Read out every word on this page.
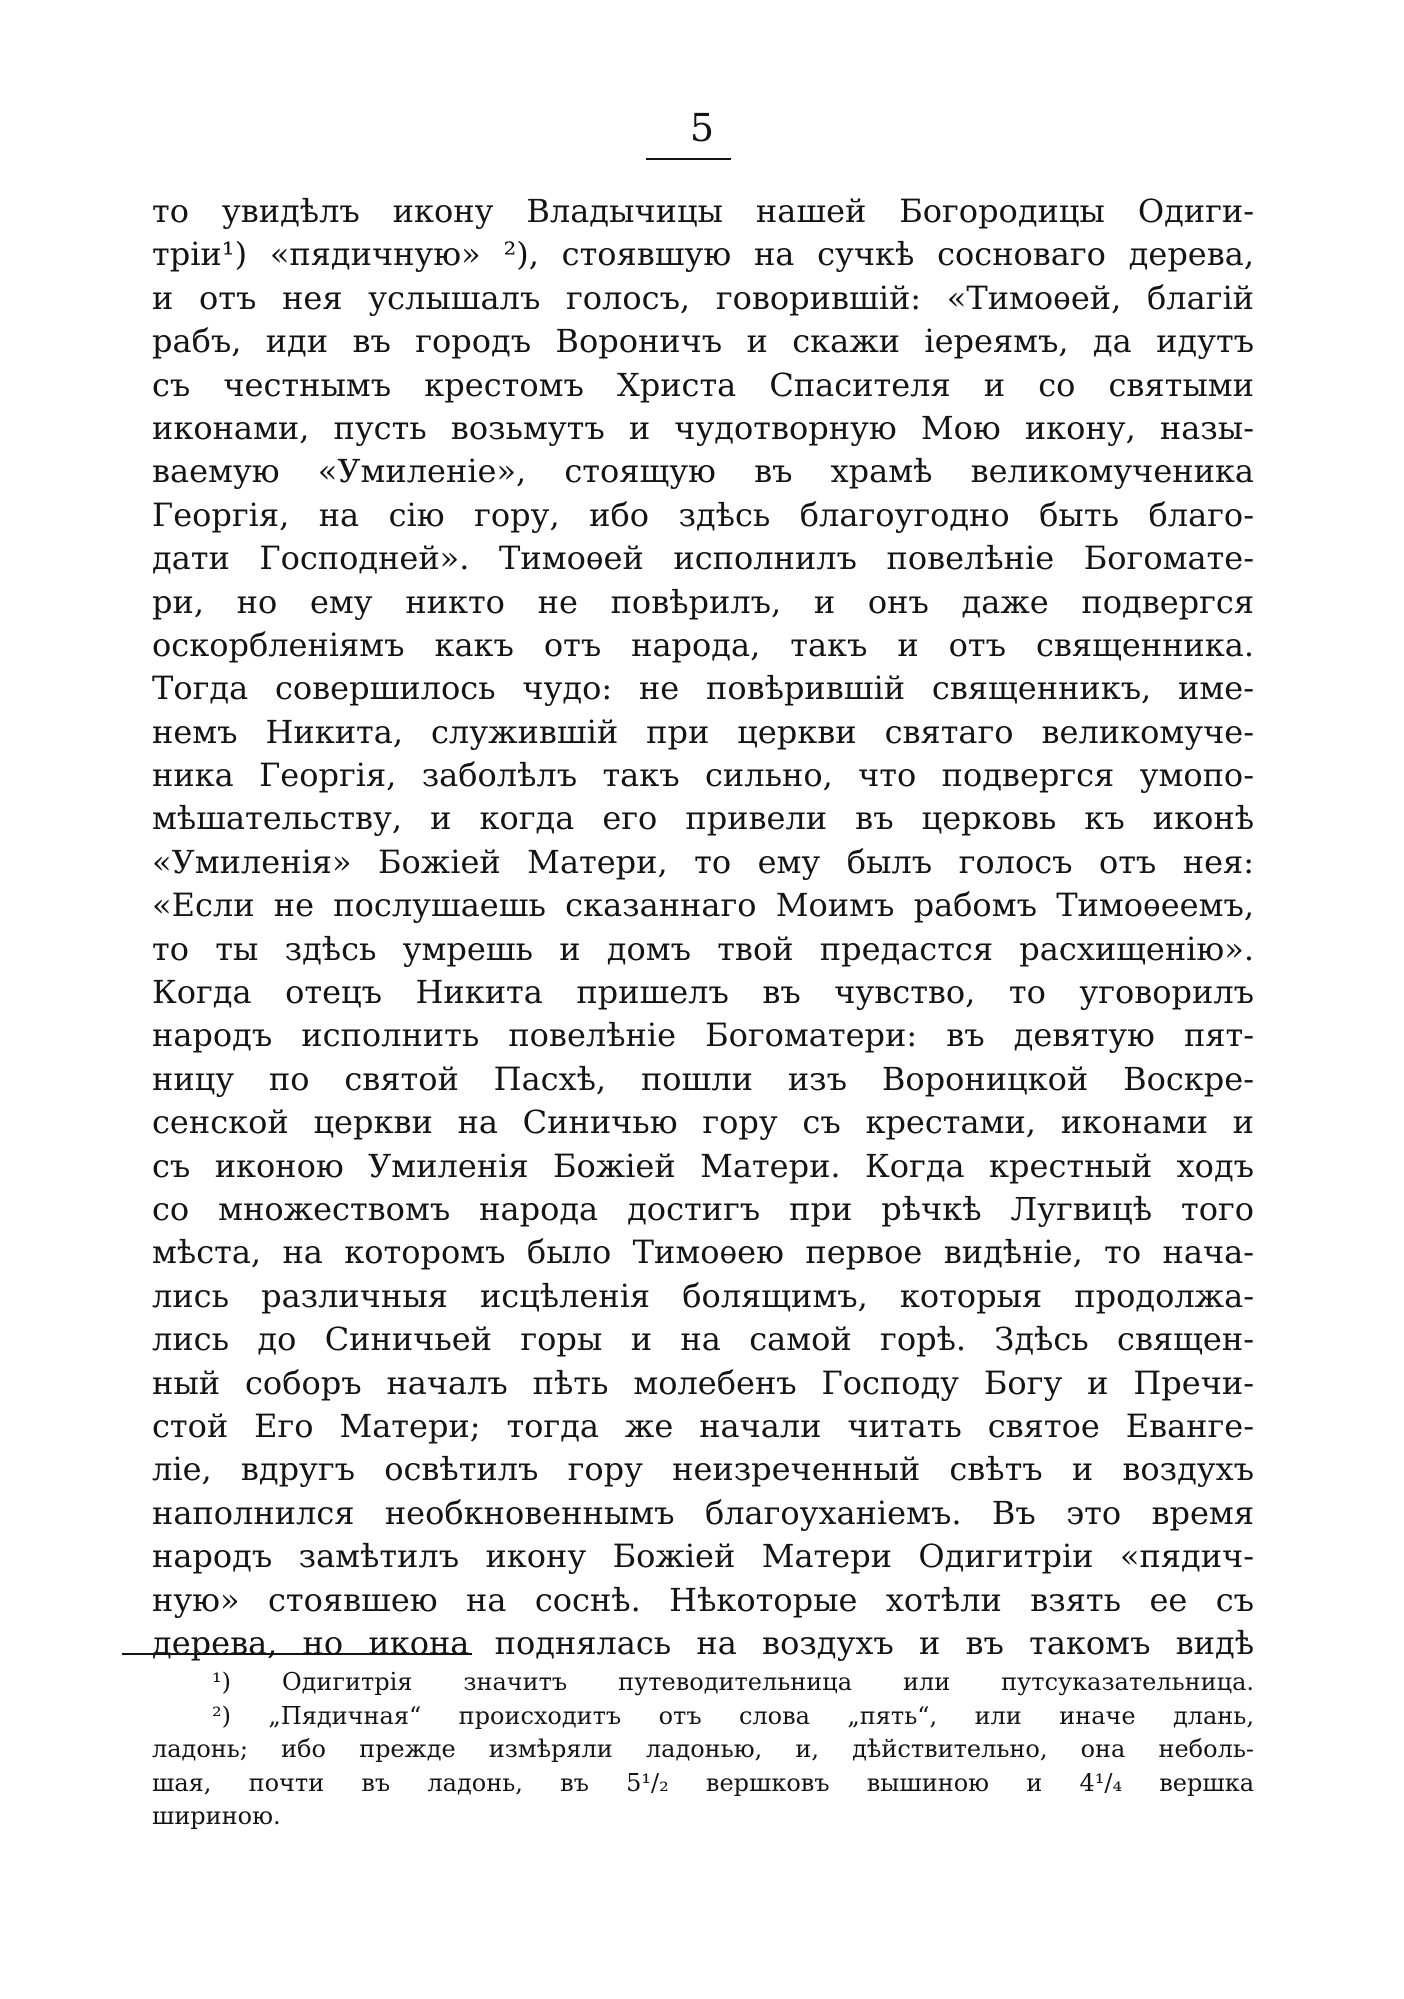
5
то увидѣлъ икону Владычицы нашей Богородицы Одиги-
тріи¹) «пядичную» ²), стоявшую на сучкѣ сосноваго дерева,
и отъ нея услышалъ голосъ, говорившій: «Тимоѳей, благій
рабъ, иди въ городъ Вороничъ и скажи іереямъ, да идутъ
съ честнымъ крестомъ Христа Спасителя и со святыми
иконами, пусть возьмутъ и чудотворную Мою икону, назы-
ваемую «Умиленіе», стоящую въ храмѣ великомученика
Георгія, на сію гору, ибо здѣсь благоугодно быть благо-
дати Господней». Тимоѳей исполнилъ повелѣніе Богомате-
ри, но ему никто не повѣрилъ, и онъ даже подвергся
оскорбленіямъ какъ отъ народа, такъ и отъ священника.
Тогда совершилось чудо: не повѣрившій священникъ, име-
немъ Никита, служившій при церкви святаго великомуче-
ника Георгія, заболѣлъ такъ сильно, что подвергся умопо-
мѣшательству, и когда его привели въ церковь къ иконѣ
«Умиленія» Божіей Матери, то ему былъ голосъ отъ нея:
«Если не послушаешь сказаннаго Моимъ рабомъ Тимоѳеемъ,
то ты здѣсь умрешь и домъ твой предастся расхищенію».
Когда отецъ Никита пришелъ въ чувство, то уговорилъ
народъ исполнить повелѣніе Богоматери: въ девятую пят-
ницу по святой Пасхѣ, пошли изъ Вороницкой Воскре-
сенской церкви на Синичью гору съ крестами, иконами и
съ иконою Умиленія Божіей Матери. Когда крестный ходъ
со множествомъ народа достигъ при рѣчкѣ Лугвицѣ того
мѣста, на которомъ было Тимоѳею первое видѣніе, то нача-
лись различныя исцѣленія болящимъ, которыя продолжа-
лись до Синичьей горы и на самой горѣ. Здѣсь священ-
ный соборъ началъ пѣть молебенъ Господу Богу и Пречи-
стой Его Матери; тогда же начали читать святое Еванге-
ліе, вдругъ освѣтилъ гору неизреченный свѣтъ и воздухъ
наполнился необкновеннымъ благоуханіемъ. Въ это время
народъ замѣтилъ икону Божіей Матери Одигитріи «пядич-
ную» стоявшею на соснѣ. Нѣкоторые хотѣли взять ее съ
дерева, но икона поднялась на воздухъ и въ такомъ видѣ
¹) Одигитрія значитъ путеводительница или путсуказательница.
²) „Пядичная“ происходитъ отъ слова „пять“, или иначе длань,
ладонь; ибо прежде измѣряли ладонью, и, дѣйствительно, она неболь-
шая, почти въ ладонь, въ 5¹/₂ вершковъ вышиною и 4¹/₄ вершка
шириною.
